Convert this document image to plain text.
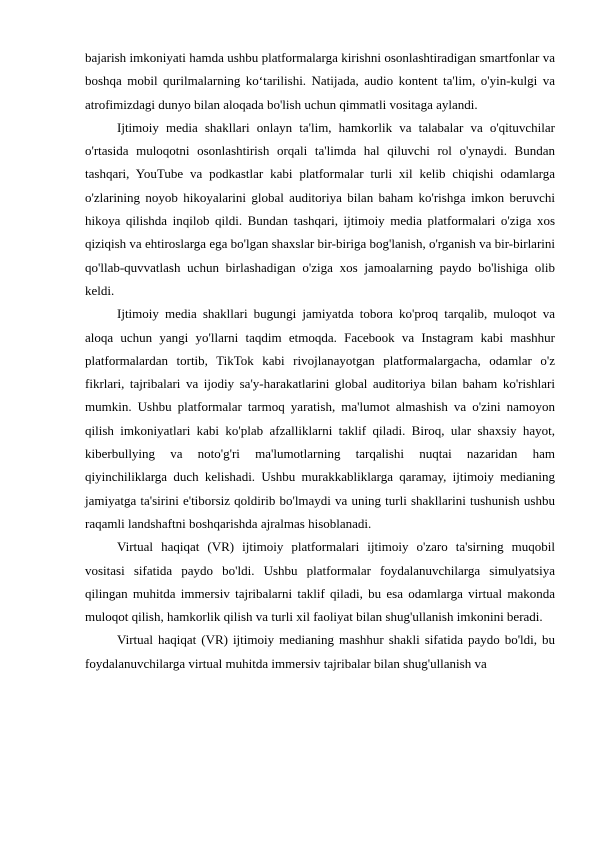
bajarish imkoniyati hamda ushbu platformalarga kirishni osonlashtiradigan smartfonlar va boshqa mobil qurilmalarning ko‘tarilishi. Natijada, audio kontent ta'lim, o'yin-kulgi va atrofimizdagi dunyo bilan aloqada bo'lish uchun qimmatli vositaga aylandi.

Ijtimoiy media shakllari onlayn ta'lim, hamkorlik va talabalar va o'qituvchilar o'rtasida muloqotni osonlashtirish orqali ta'limda hal qiluvchi rol o'ynaydi. Bundan tashqari, YouTube va podkastlar kabi platformalar turli xil kelib chiqishi odamlarga o'zlarining noyob hikoyalarini global auditoriya bilan baham ko'rishga imkon beruvchi hikoya qilishda inqilob qildi. Bundan tashqari, ijtimoiy media platformalari o'ziga xos qiziqish va ehtiroslarga ega bo'lgan shaxslar bir-biriga bog'lanish, o'rganish va bir-birlarini qo'llab-quvvatlash uchun birlashadigan o'ziga xos jamoalarning paydo bo'lishiga olib keldi.

Ijtimoiy media shakllari bugungi jamiyatda tobora ko'proq tarqalib, muloqot va aloqa uchun yangi yo'llarni taqdim etmoqda. Facebook va Instagram kabi mashhur platformalardan tortib, TikTok kabi rivojlanayotgan platformalargacha, odamlar o'z fikrlari, tajribalari va ijodiy sa'y-harakatlarini global auditoriya bilan baham ko'rishlari mumkin. Ushbu platformalar tarmoq yaratish, ma'lumot almashish va o'zini namoyon qilish imkoniyatlari kabi ko'plab afzalliklarni taklif qiladi. Biroq, ular shaxsiy hayot, kiberbullying va noto'g'ri ma'lumotlarning tarqalishi nuqtai nazaridan ham qiyinchiliklarga duch kelishadi. Ushbu murakkabliklarga qaramay, ijtimoiy medianing jamiyatga ta'sirini e'tiborsiz qoldirib bo'lmaydi va uning turli shakllarini tushunish ushbu raqamli landshaftni boshqarishda ajralmas hisoblanadi.

Virtual haqiqat (VR) ijtimoiy platformalari ijtimoiy o'zaro ta'sirning muqobil vositasi sifatida paydo bo'ldi. Ushbu platformalar foydalanuvchilarga simulyatsiya qilingan muhitda immersiv tajribalarni taklif qiladi, bu esa odamlarga virtual makonda muloqot qilish, hamkorlik qilish va turli xil faoliyat bilan shug'ullanish imkonini beradi.

Virtual haqiqat (VR) ijtimoiy medianing mashhur shakli sifatida paydo bo'ldi, bu foydalanuvchilarga virtual muhitda immersiv tajribalar bilan shug'ullanish va
